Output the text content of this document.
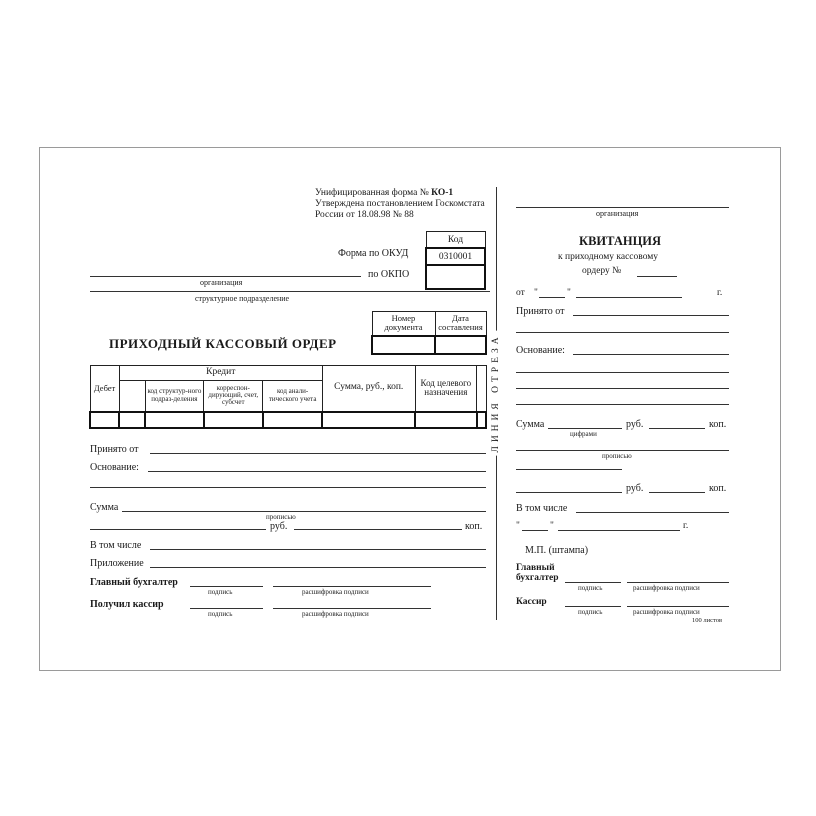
Унифицированная форма № КО-1
Утверждена постановлением Госкомстата
России от 18.08.98 № 88
Код
0310001

Форма по ОКУД
по ОКПО
организация
структурное подразделение
ПРИХОДНЫЙ КАССОВЫЙ ОРДЕР
Номер документа	Дата составления

Дебет	Кредит				Сумма, руб., коп.	Код целевого назначения	
		код структур-ного подраз-деления	корреспон-дирующий, счет, субсчет	код анали-тического учета			

Принято от
Основание:
Сумма
прописью
руб.	коп.
В том числе
Приложение
Главный бухгалтер
подпись	расшифровка подписи
Получил кассир
подпись	расшифровка подписи
ЛИНИЯ ОТРЕЗА
организация
КВИТАНЦИЯ
к приходному кассовому
ордеру №
от "	"	г.
Принято от
Основание:
Сумма
цифрами
руб.	коп.
прописью
руб.	коп.
В том числе
"	"	г.
М.П. (штампа)
Главный
бухгалтер
подпись	расшифровка подписи
Кассир
подпись	расшифровка подписи
100 листов
